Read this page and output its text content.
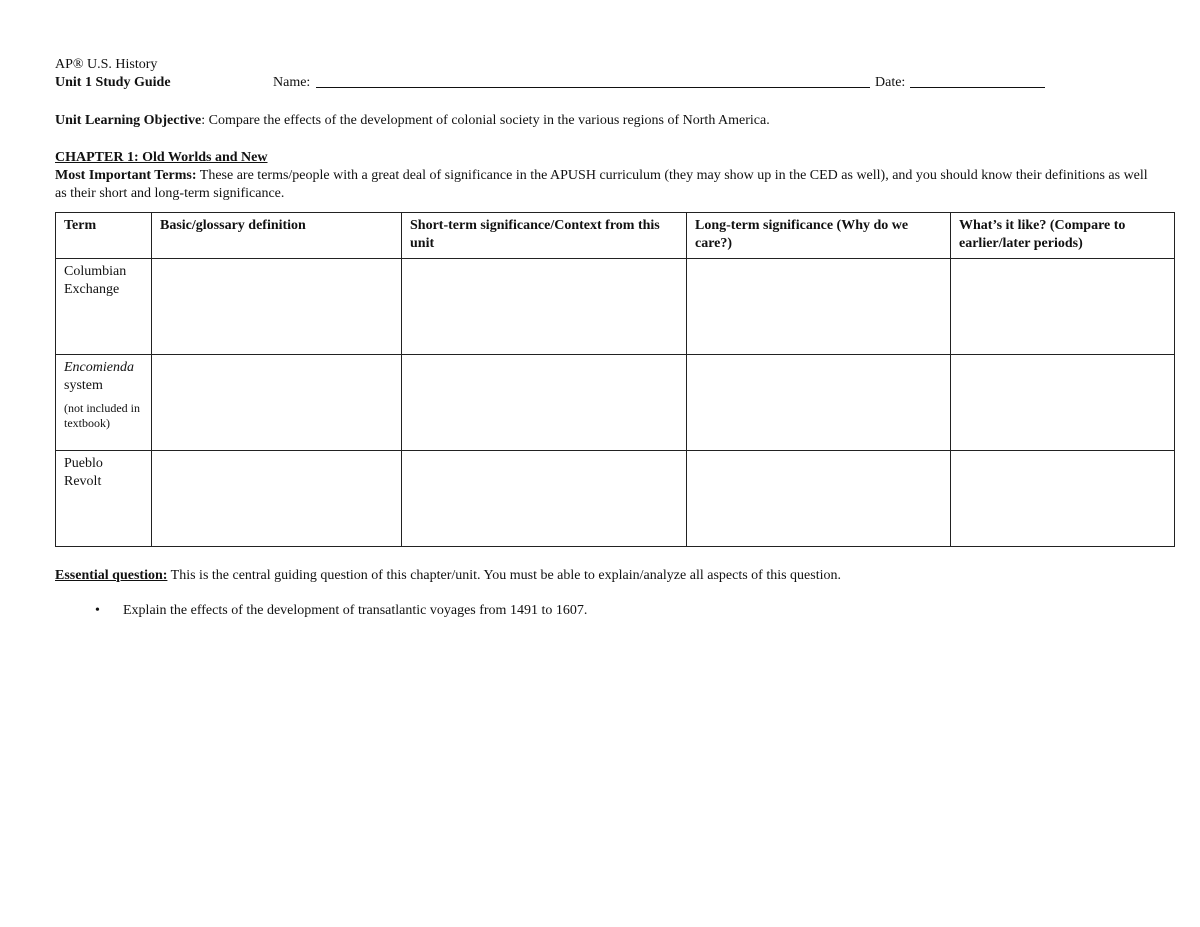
AP® U.S. History
Unit 1 Study Guide	Name:	Date:
Unit Learning Objective: Compare the effects of the development of colonial society in the various regions of North America.
CHAPTER 1: Old Worlds and New
Most Important Terms: These are terms/people with a great deal of significance in the APUSH curriculum (they may show up in the CED as well), and you should know their definitions as well as their short and long-term significance.
Term	Basic/glossary definition	Short-term significance/Context from this unit	Long-term significance (Why do we care?)	What’s it like? (Compare to earlier/later periods)
Columbian Exchange				

Encomienda system
(not included in textbook)				

Pueblo Revolt				
Essential question: This is the central guiding question of this chapter/unit. You must be able to explain/analyze all aspects of this question.
• Explain the effects of the development of transatlantic voyages from 1491 to 1607.
